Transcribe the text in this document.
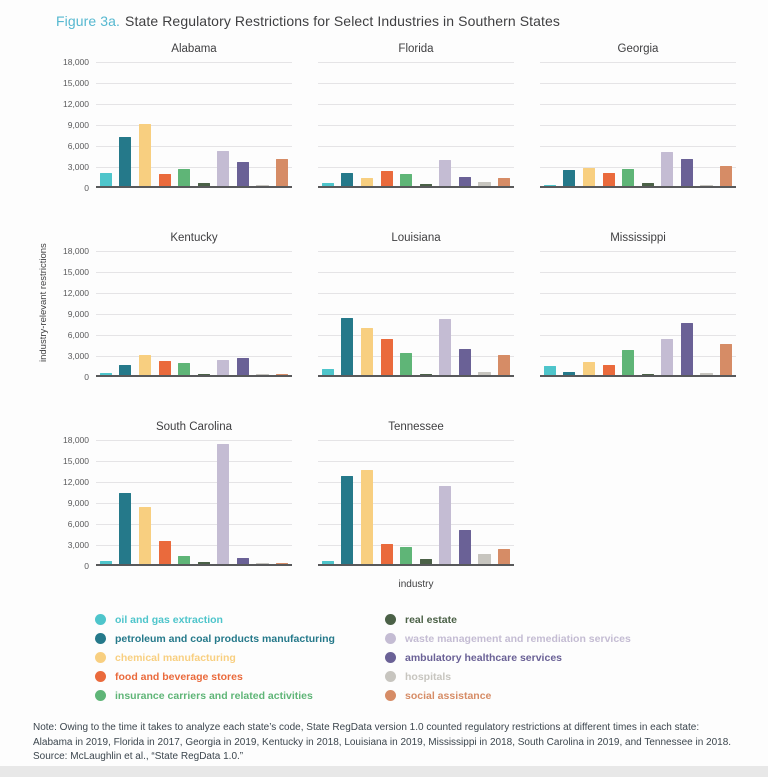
Figure 3a. State Regulatory Restrictions for Select Industries in Southern States
industry-relevant restrictions
Alabama
18,000
15,000
12,000
9,000
6,000
3,000
0
Florida	Georgia
Kentucky
18,000
15,000
12,000
9,000
6,000
3,000
0
Louisiana	Mississippi
South Carolina
18,000
15,000
12,000
9,000
6,000
3,000
0
Tennessee
industry
oil and gas extraction
petroleum and coal products manufacturing
chemical manufacturing
food and beverage stores
insurance carriers and related activities
real estate
waste management and remediation services
ambulatory healthcare services
hospitals
social assistance
Note: Owing to the time it takes to analyze each state’s code, State RegData version 1.0 counted regulatory restrictions at different times in each state: Alabama in 2019, Florida in 2017, Georgia in 2019, Kentucky in 2018, Louisiana in 2019, Mississippi in 2018, South Carolina in 2019, and Tennessee in 2018.
Source: McLaughlin et al., “State RegData 1.0.”
